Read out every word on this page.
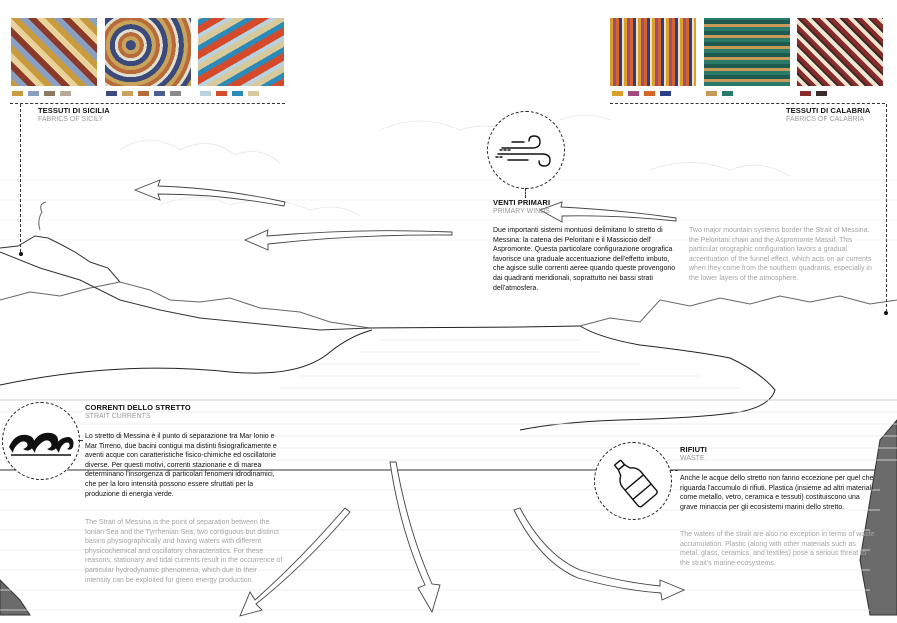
TESSUTI DI SICILIA
FABRICS OF SICILY
TESSUTI DI CALABRIA
FABRICS OF CALABRIA
VENTI PRIMARI
PRIMARY WINDS
Due importanti sistemi montuosi delimitano lo stretto di Messina: la catena dei Peloritani e il Massiccio dell' Aspromonte. Questa particolare configurazione orografica favorisce una graduale accentuazione dell'effetto imbuto, che agisce sulle correnti aeree quando queste provengono dai quadranti meridionali, soprattutto nei bassi strati dell'atmosfera.
Two major mountain systems border the Strait of Messina: the Peloritani chain and the Aspromonte Massif. This particular orographic configuration favors a gradual accentuation of the funnel effect, which acts on air currents when they come from the southern quadrants, especially in the lower layers of the atmosphere.
CORRENTI DELLO STRETTO
STRAIT CURRENTS
Lo stretto di Messina è il punto di separazione tra Mar Ionio e Mar Tirreno, due bacini contigui ma distinti fisiograficamente e aventi acque con caratteristiche fisico-chimiche ed oscillatorie diverse. Per questi motivi, correnti stazionarie e di marea determinano l'insorgenza di particolari fenomeni idrodinamici, che per la loro intensità possono essere sfruttati per la produzione di energia verde.
The Strait of Messina is the point of separation between the Ionian Sea and the Tyrrhenian Sea, two contiguous but distinct basins physiographically and having waters with different physicochemical and oscillatory characteristics. For these reasons, stationary and tidal currents result in the occurrence of particular hydrodynamic phenomena, which due to their intensity can be exploited for green energy production.
RIFIUTI
WASTE
Anche le acque dello stretto non fanno eccezione per quel che riguarda l'accumulo di rifiuti. Plastica (insieme ad altri materiali come metallo, vetro, ceramica e tessuti) costituiscono una grave minaccia per gli ecosistemi marini dello stretto.
The waters of the strait are also no exception in terms of waste accumulation. Plastic (along with other materials such as metal, glass, ceramics, and textiles) pose a serious threat to the strait's marine ecosystems.
